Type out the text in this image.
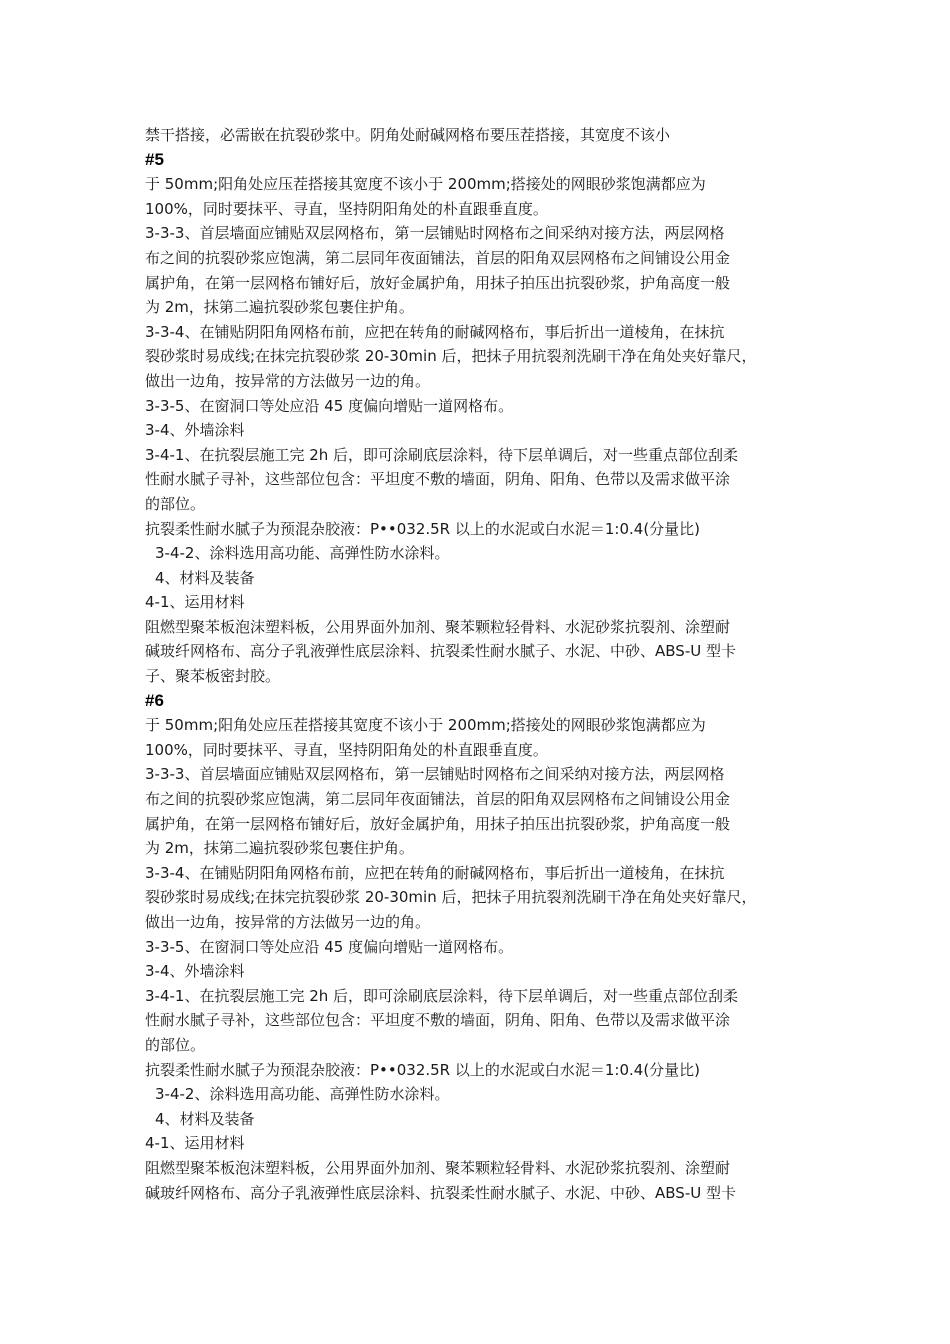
禁干搭接，必需嵌在抗裂砂浆中。阴角处耐碱网格布要压茬搭接，其宽度不该小
#5
于 50mm;阳角处应压茬搭接其宽度不该小于 200mm;搭接处的网眼砂浆饱满都应为
100%，同时要抹平、寻直，坚持阴阳角处的朴直跟垂直度。
3-3-3、首层墙面应铺贴双层网格布，第一层铺贴时网格布之间采纳对接方法，两层网格
布之间的抗裂砂浆应饱满，第二层同年夜面铺法，首层的阳角双层网格布之间铺设公用金
属护角，在第一层网格布铺好后，放好金属护角，用抹子拍压出抗裂砂浆，护角高度一般
为 2m，抹第二遍抗裂砂浆包裹住护角。
3-3-4、在铺贴阴阳角网格布前，应把在转角的耐碱网格布，事后折出一道棱角，在抹抗
裂砂浆时易成线;在抹完抗裂砂浆 20-30min 后，把抹子用抗裂剂洗刷干净在角处夹好靠尺，
做出一边角，按异常的方法做另一边的角。
3-3-5、在窗洞口等处应沿 45 度偏向增贴一道网格布。
3-4、外墙涂料
3-4-1、在抗裂层施工完 2h 后，即可涂刷底层涂料，待下层单调后，对一些重点部位刮柔
性耐水腻子寻补，这些部位包含：平坦度不敷的墙面，阴角、阳角、色带以及需求做平涂
的部位。
抗裂柔性耐水腻子为预混杂胶液：P••032.5R 以上的水泥或白水泥＝1:0.4(分量比)
3-4-2、涂料选用高功能、高弹性防水涂料。
4、材料及装备
4-1、运用材料
阻燃型聚苯板泡沫塑料板，公用界面外加剂、聚苯颗粒轻骨料、水泥砂浆抗裂剂、涂塑耐
碱玻纤网格布、高分子乳液弹性底层涂料、抗裂柔性耐水腻子、水泥、中砂、ABS-U 型卡
子、聚苯板密封胶。
#6
于 50mm;阳角处应压茬搭接其宽度不该小于 200mm;搭接处的网眼砂浆饱满都应为
100%，同时要抹平、寻直，坚持阴阳角处的朴直跟垂直度。
3-3-3、首层墙面应铺贴双层网格布，第一层铺贴时网格布之间采纳对接方法，两层网格
布之间的抗裂砂浆应饱满，第二层同年夜面铺法，首层的阳角双层网格布之间铺设公用金
属护角，在第一层网格布铺好后，放好金属护角，用抹子拍压出抗裂砂浆，护角高度一般
为 2m，抹第二遍抗裂砂浆包裹住护角。
3-3-4、在铺贴阴阳角网格布前，应把在转角的耐碱网格布，事后折出一道棱角，在抹抗
裂砂浆时易成线;在抹完抗裂砂浆 20-30min 后，把抹子用抗裂剂洗刷干净在角处夹好靠尺，
做出一边角，按异常的方法做另一边的角。
3-3-5、在窗洞口等处应沿 45 度偏向增贴一道网格布。
3-4、外墙涂料
3-4-1、在抗裂层施工完 2h 后，即可涂刷底层涂料，待下层单调后，对一些重点部位刮柔
性耐水腻子寻补，这些部位包含：平坦度不敷的墙面，阴角、阳角、色带以及需求做平涂
的部位。
抗裂柔性耐水腻子为预混杂胶液：P••032.5R 以上的水泥或白水泥＝1:0.4(分量比)
3-4-2、涂料选用高功能、高弹性防水涂料。
4、材料及装备
4-1、运用材料
阻燃型聚苯板泡沫塑料板，公用界面外加剂、聚苯颗粒轻骨料、水泥砂浆抗裂剂、涂塑耐
碱玻纤网格布、高分子乳液弹性底层涂料、抗裂柔性耐水腻子、水泥、中砂、ABS-U 型卡
